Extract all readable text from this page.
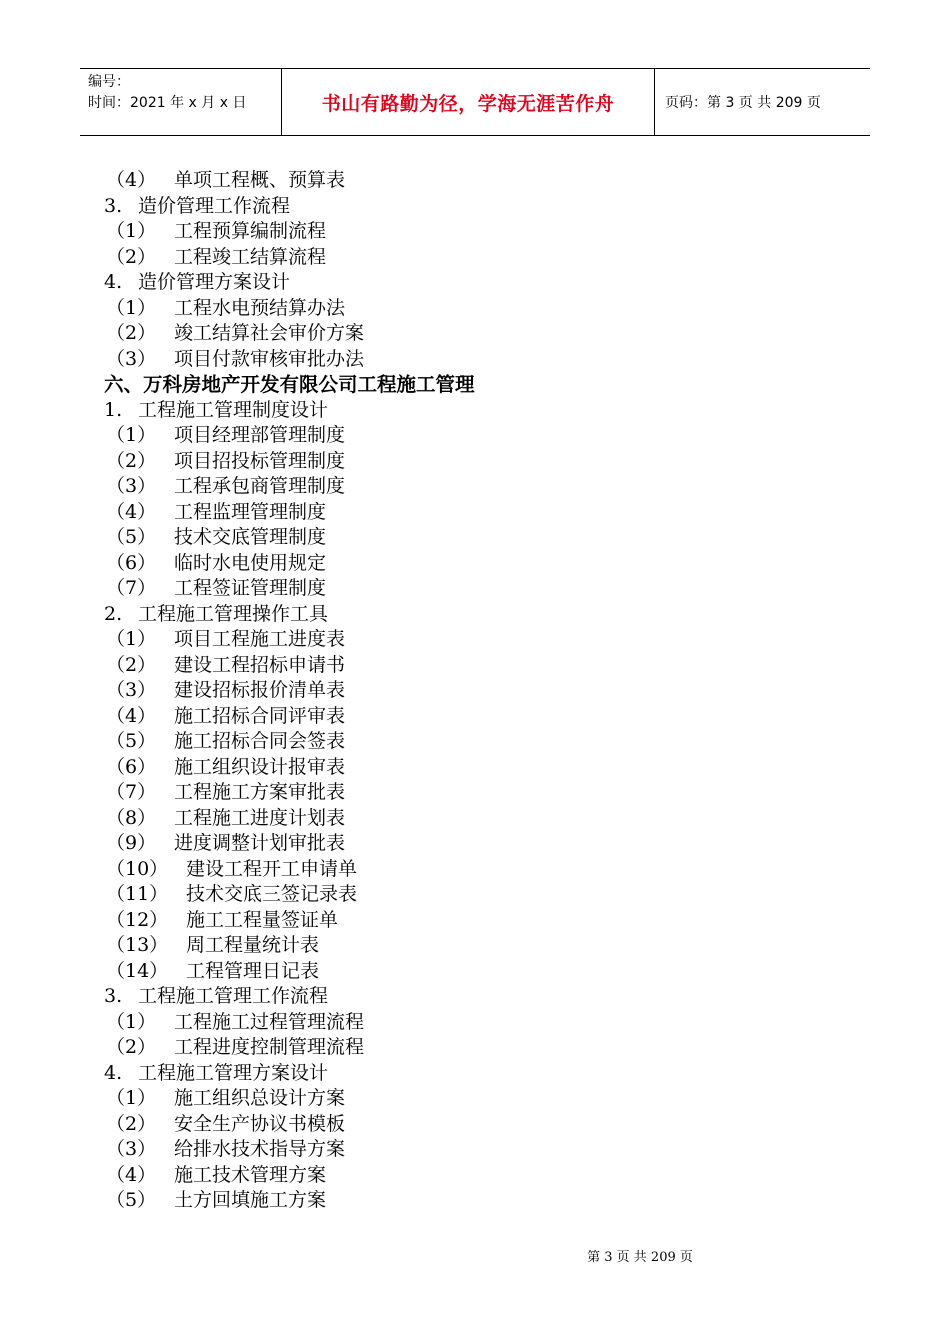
编号：
时间：2021 年 x 月 x 日	书山有路勤为径，学海无涯苦作舟	页码：第 3 页 共 209 页
（4） 单项工程概、预算表
3. 造价管理工作流程
（1） 工程预算编制流程
（2） 工程竣工结算流程
4. 造价管理方案设计
（1） 工程水电预结算办法
（2） 竣工结算社会审价方案
（3） 项目付款审核审批办法
六、万科房地产开发有限公司工程施工管理
1. 工程施工管理制度设计
（1） 项目经理部管理制度
（2） 项目招投标管理制度
（3） 工程承包商管理制度
（4） 工程监理管理制度
（5） 技术交底管理制度
（6） 临时水电使用规定
（7） 工程签证管理制度
2. 工程施工管理操作工具
（1） 项目工程施工进度表
（2） 建设工程招标申请书
（3） 建设招标报价清单表
（4） 施工招标合同评审表
（5） 施工招标合同会签表
（6） 施工组织设计报审表
（7） 工程施工方案审批表
（8） 工程施工进度计划表
（9） 进度调整计划审批表
（10） 建设工程开工申请单
（11） 技术交底三签记录表
（12） 施工工程量签证单
（13） 周工程量统计表
（14） 工程管理日记表
3. 工程施工管理工作流程
（1） 工程施工过程管理流程
（2） 工程进度控制管理流程
4. 工程施工管理方案设计
（1） 施工组织总设计方案
（2） 安全生产协议书模板
（3） 给排水技术指导方案
（4） 施工技术管理方案
（5） 土方回填施工方案
第 3 页 共 209 页
